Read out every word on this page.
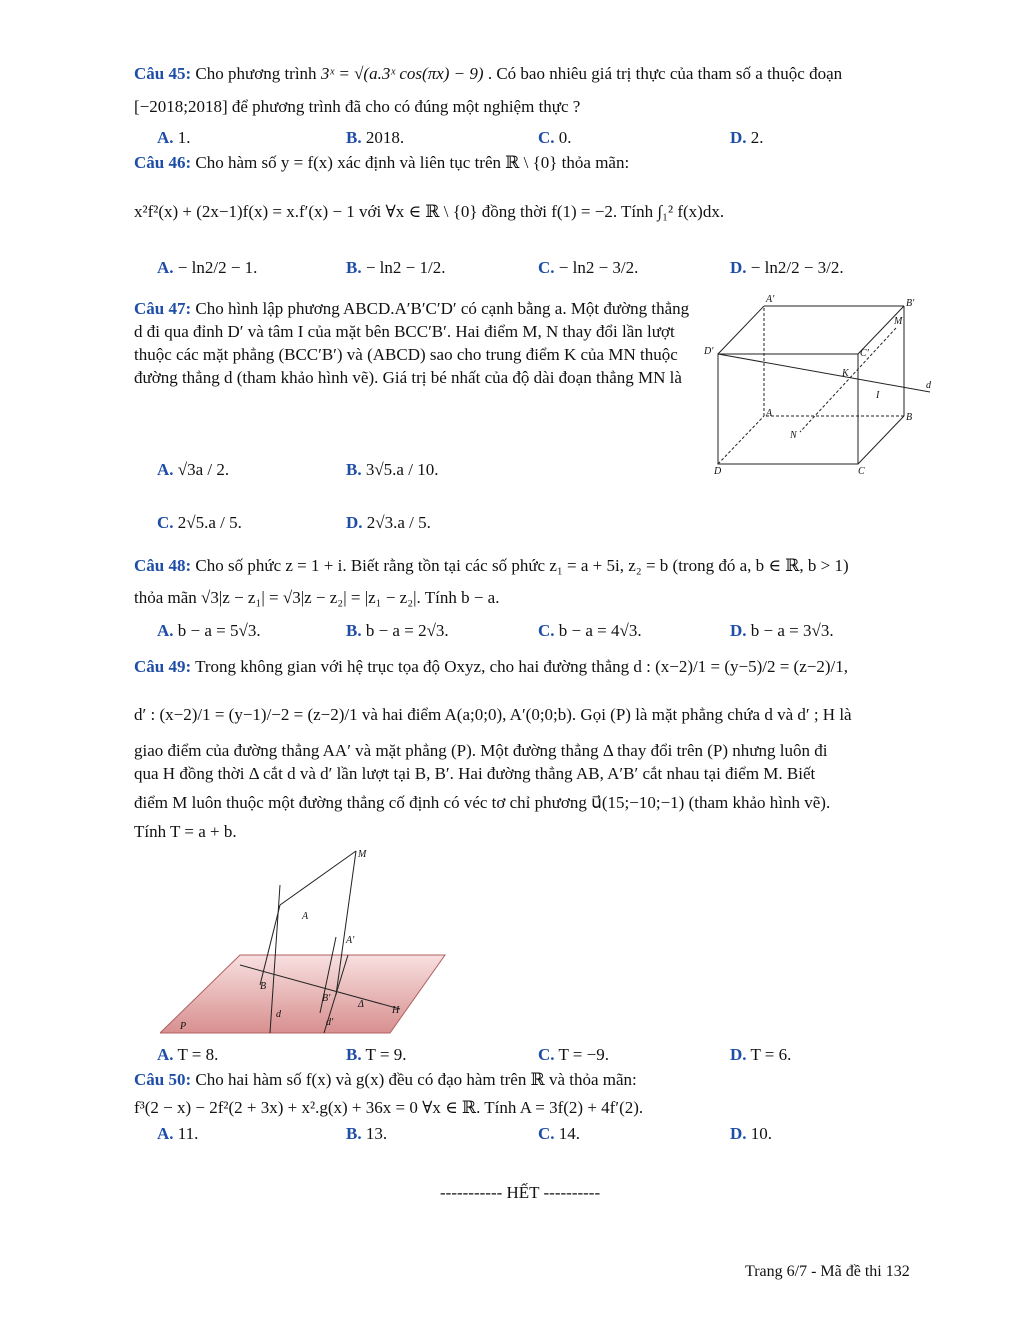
Câu 45: Cho phương trình 3ˣ = √(a.3ˣ cos(πx) − 9) . Có bao nhiêu giá trị thực của tham số a thuộc đoạn
[−2018;2018] để phương trình đã cho có đúng một nghiệm thực ?
A. 1.	B. 2018.	C. 0.	D. 2.
Câu 46: Cho hàm số y = f(x) xác định và liên tục trên ℝ \ {0} thỏa mãn:
x²f²(x) + (2x−1)f(x) = x.f′(x) − 1 với ∀x ∈ ℝ \ {0} đồng thời f(1) = −2. Tính ∫₁² f(x)dx.
A. − ln2/2 − 1.	B. − ln2 − 1/2.	C. − ln2 − 3/2.	D. − ln2/2 − 3/2.
Câu 47: Cho hình lập phương ABCD.A′B′C′D′ có cạnh bằng a. Một đường thẳng d đi qua đỉnh D′ và tâm I của mặt bên BCC′B′. Hai điểm M, N thay đổi lần lượt thuộc các mặt phẳng (BCC′B′) và (ABCD) sao cho trung điểm K của MN thuộc đường thẳng d (tham khảo hình vẽ). Giá trị bé nhất của độ dài đoạn thẳng MN là
A. √3a / 2.	B. 3√5.a / 10.
C. 2√5.a / 5.	D. 2√3.a / 5.
A′	B′
M
D′	C′
K
I
d
A	B
N
D	C
Câu 48: Cho số phức z = 1 + i. Biết rằng tồn tại các số phức z₁ = a + 5i, z₂ = b (trong đó a, b ∈ ℝ, b > 1)
thỏa mãn √3|z − z₁| = √3|z − z₂| = |z₁ − z₂|. Tính b − a.
A. b − a = 5√3.	B. b − a = 2√3.	C. b − a = 4√3.	D. b − a = 3√3.
Câu 49: Trong không gian với hệ trục tọa độ Oxyz, cho hai đường thẳng d : (x−2)/1 = (y−5)/2 = (z−2)/1,
d′ : (x−2)/1 = (y−1)/−2 = (z−2)/1 và hai điểm A(a;0;0), A′(0;0;b). Gọi (P) là mặt phẳng chứa d và d′ ; H là
giao điểm của đường thẳng AA′ và mặt phẳng (P). Một đường thẳng Δ thay đổi trên (P) nhưng luôn đi
qua H đồng thời Δ cắt d và d′ lần lượt tại B, B′. Hai đường thẳng AB, A′B′ cắt nhau tại điểm M. Biết
điểm M luôn thuộc một đường thẳng cố định có véc tơ chỉ phương u⃗(15;−10;−1) (tham khảo hình vẽ).
Tính T = a + b.
M
A
A′
B
B′
Δ
H
d
d′
P
A. T = 8.	B. T = 9.	C. T = −9.	D. T = 6.
Câu 50: Cho hai hàm số f(x) và g(x) đều có đạo hàm trên ℝ và thỏa mãn:
f³(2 − x) − 2f²(2 + 3x) + x².g(x) + 36x = 0 ∀x ∈ ℝ. Tính A = 3f(2) + 4f′(2).
A. 11.	B. 13.	C. 14.	D. 10.
----------- HẾT ----------
Trang 6/7 - Mã đề thi 132
